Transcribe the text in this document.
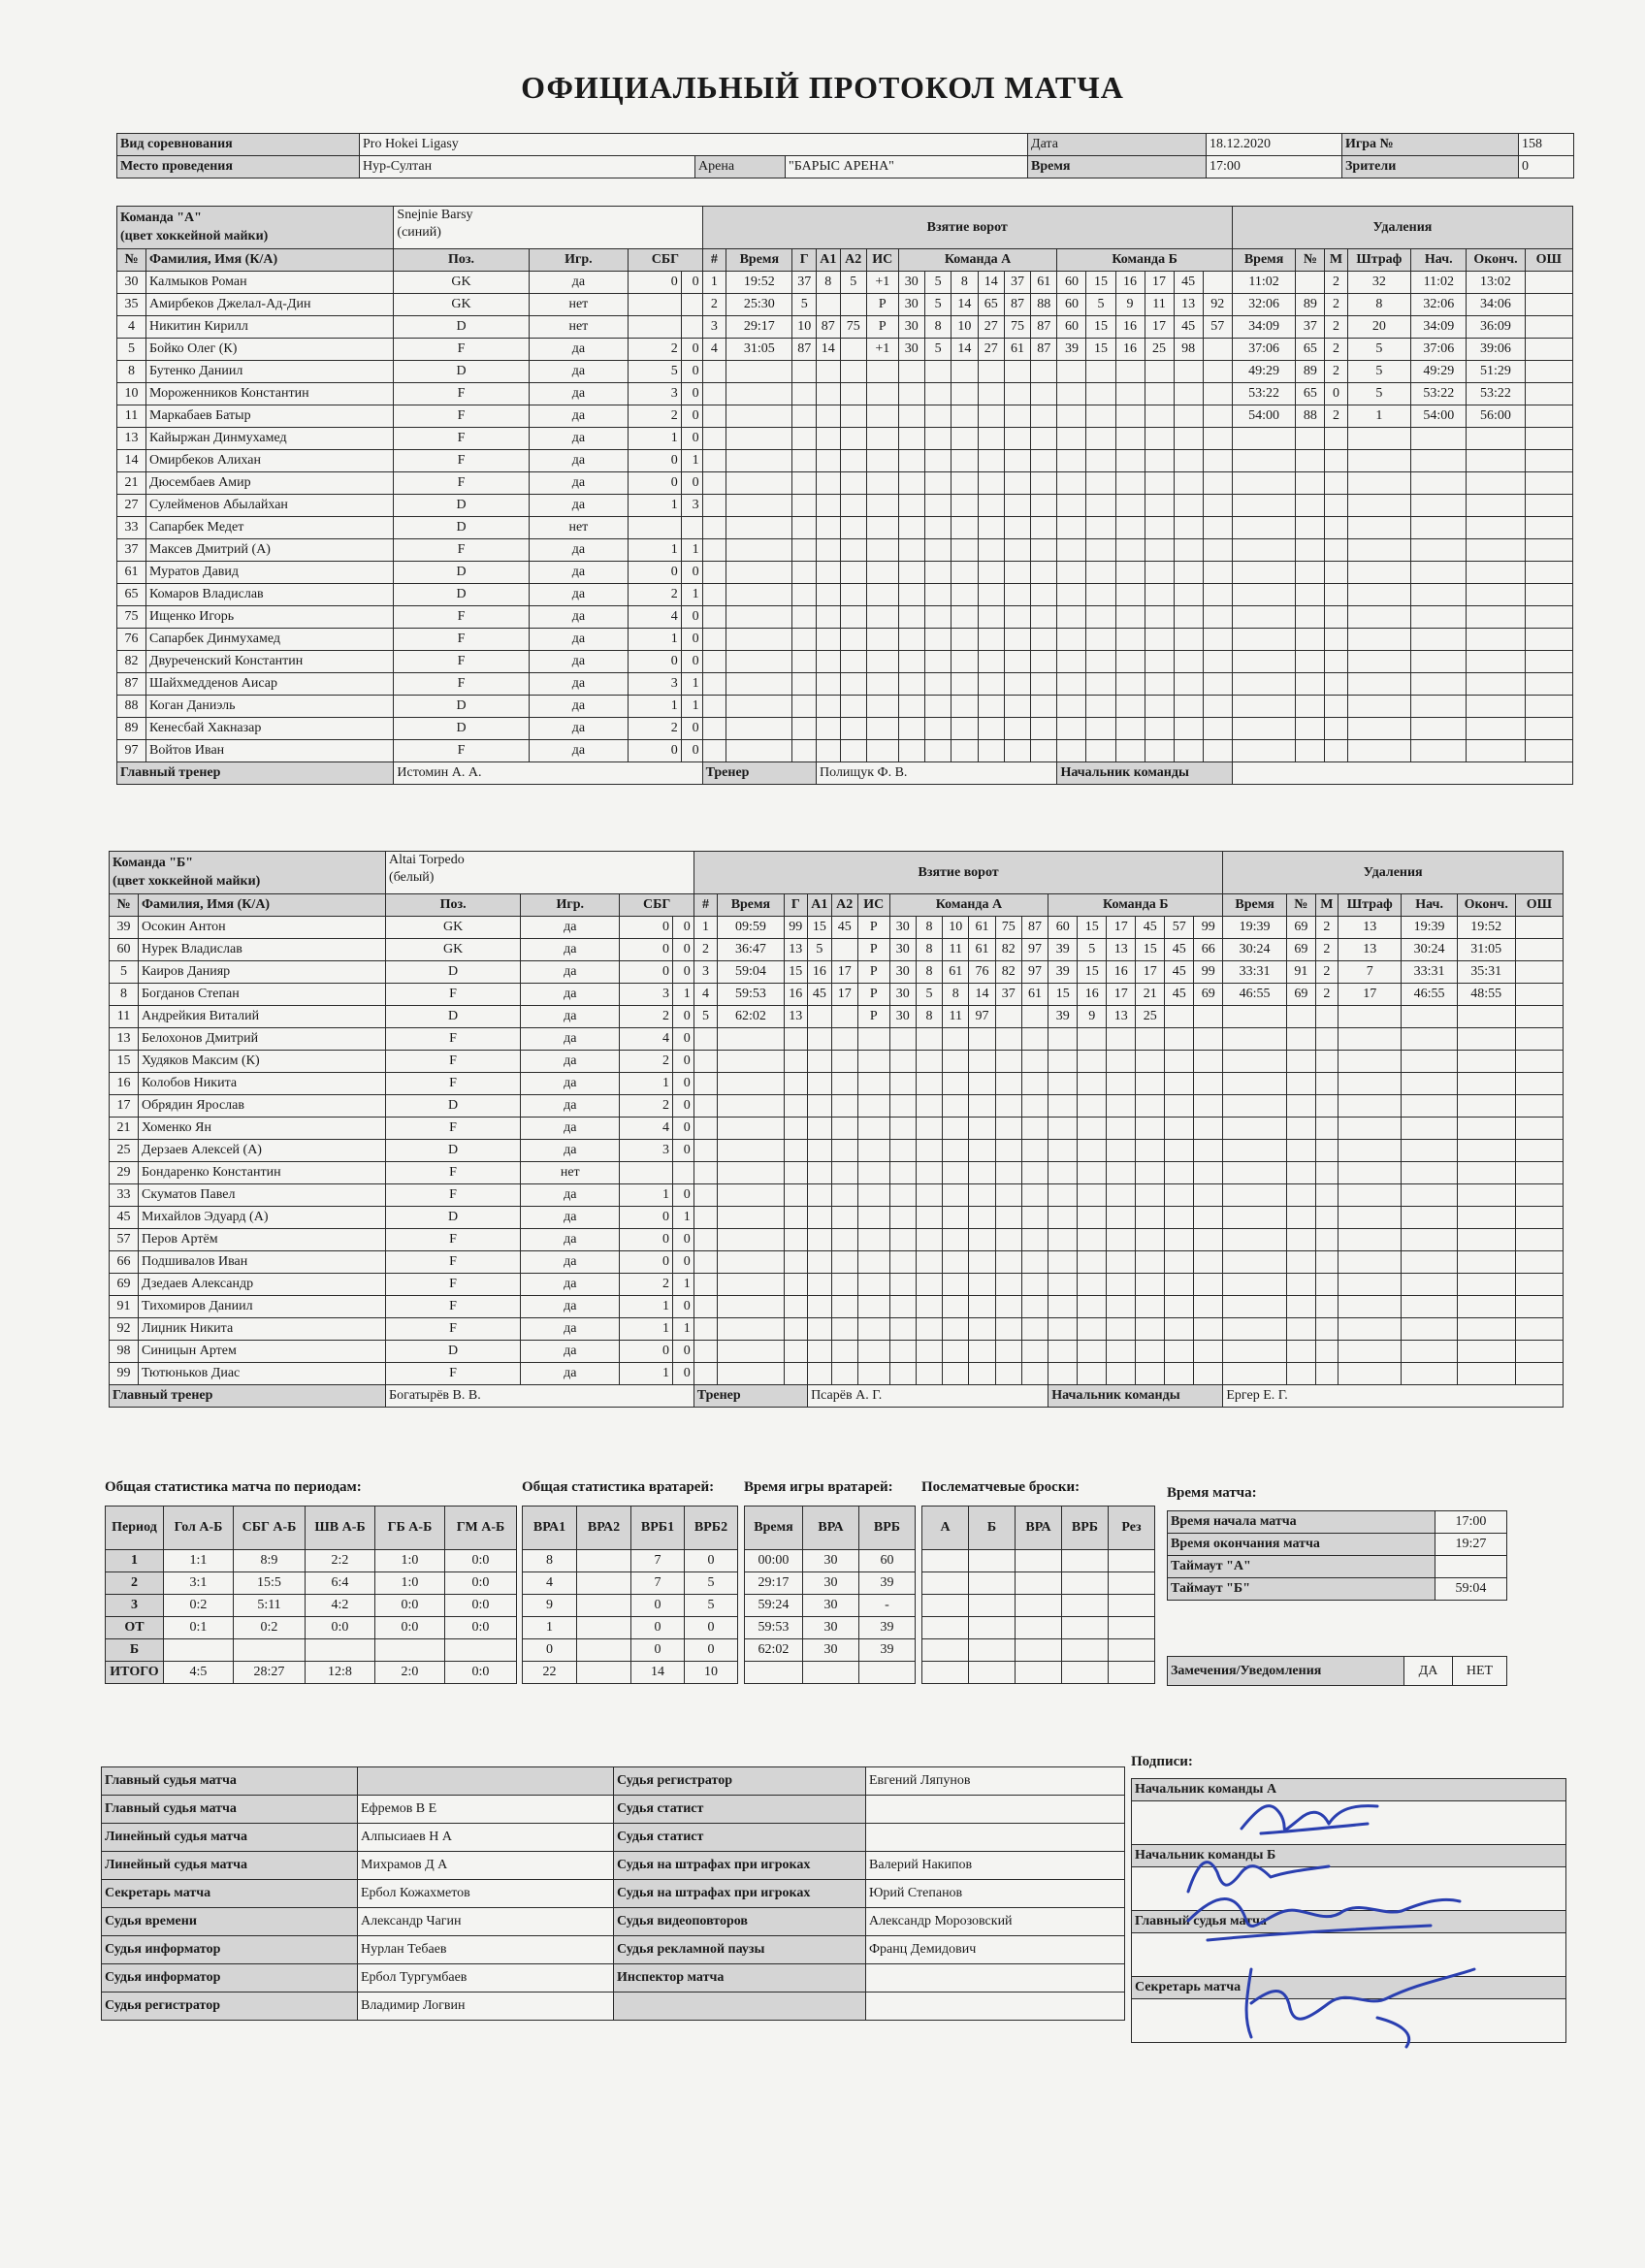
ОФИЦИАЛЬНЫЙ ПРОТОКОЛ МАТЧА
Вид соревнования	Pro Hokei Ligasy			Дата	18.12.2020	Игра №	158
Место проведения	Нур-Султан	Арена	"БАРЫС АРЕНА"	Время	17:00	Зрители	0
Команда "А"
(цвет хоккейной майки)		Snejnie Barsy
(синий)				Взятие ворот																		Удаления						
№	Фамилия, Имя (К/А)	Поз.	Игр.	СБГ		#	Время	Г	А1	А2	ИС	Команда А						Команда Б						Время	№	М	Штраф	Нач.	Оконч.	ОШ
30	Калмыков Роман	GK	да	0	0	1	19:52	37	8	5	+1	30	5	8	14	37	61	60	15	16	17	45		11:02		2	32	11:02	13:02	
35	Амирбеков Джелал-Ад-Дин	GK	нет			2	25:30	5			Р	30	5	14	65	87	88	60	5	9	11	13	92	32:06	89	2	8	32:06	34:06	
4	Никитин Кирилл	D	нет			3	29:17	10	87	75	Р	30	8	10	27	75	87	60	15	16	17	45	57	34:09	37	2	20	34:09	36:09	
5	Бойко Олег (К)	F	да	2	0	4	31:05	87	14		+1	30	5	14	27	61	87	39	15	16	25	98		37:06	65	2	5	37:06	39:06	
8	Бутенко Даниил	D	да	5	0																			49:29	89	2	5	49:29	51:29	
10	Мороженников Константин	F	да	3	0																			53:22	65	0	5	53:22	53:22	
11	Маркабаев Батыр	F	да	2	0																			54:00	88	2	1	54:00	56:00	
13	Кайыржан Динмухамед	F	да	1	0																									
14	Омирбеков Алихан	F	да	0	1																									
21	Дюсембаев Амир	F	да	0	0																									
27	Сулейменов Абылайхан	D	да	1	3																									
33	Сапарбек Медет	D	нет																											
37	Максев Дмитрий (А)	F	да	1	1																									
61	Муратов Давид	D	да	0	0																									
65	Комаров Владислав	D	да	2	1																									
75	Ищенко Игорь	F	да	4	0																									
76	Сапарбек Динмухамед	F	да	1	0																									
82	Двуреченский Константин	F	да	0	0																									
87	Шайхмедденов Аисар	F	да	3	1																									
88	Коган Даниэль	D	да	1	1																									
89	Кенесбай Хакназар	D	да	2	0																									
97	Войтов Иван	F	да	0	0																									
Главный тренер		Истомин А. А.				Тренер			Полищук Ф. В.									Начальник команды												
Команда "Б"
(цвет хоккейной майки)		Altai Torpedo
(белый)				Взятие ворот																		Удаления						
№	Фамилия, Имя (К/А)	Поз.	Игр.	СБГ		#	Время	Г	А1	А2	ИС	Команда А						Команда Б						Время	№	М	Штраф	Нач.	Оконч.	ОШ
39	Осокин Антон	GK	да	0	0	1	09:59	99	15	45	Р	30	8	10	61	75	87	60	15	17	45	57	99	19:39	69	2	13	19:39	19:52	
60	Нурек Владислав	GK	да	0	0	2	36:47	13	5		Р	30	8	11	61	82	97	39	5	13	15	45	66	30:24	69	2	13	30:24	31:05	
5	Каиров Данияр	D	да	0	0	3	59:04	15	16	17	Р	30	8	61	76	82	97	39	15	16	17	45	99	33:31	91	2	7	33:31	35:31	
8	Богданов Степан	F	да	3	1	4	59:53	16	45	17	Р	30	5	8	14	37	61	15	16	17	21	45	69	46:55	69	2	17	46:55	48:55	
11	Андрейкия Виталий	D	да	2	0	5	62:02	13			Р	30	8	11	97			39	9	13	25									
13	Белохонов Дмитрий	F	да	4	0																									
15	Худяков Максим (К)	F	да	2	0																									
16	Колобов Никита	F	да	1	0																									
17	Обрядин Ярослав	D	да	2	0																									
21	Хоменко Ян	F	да	4	0																									
25	Дерзаев Алексей (А)	D	да	3	0																									
29	Бондаренко Константин	F	нет																											
33	Скуматов Павел	F	да	1	0																									
45	Михайлов Эдуард (А)	D	да	0	1																									
57	Перов Артём	F	да	0	0																									
66	Подшивалов Иван	F	да	0	0																									
69	Дзедаев Александр	F	да	2	1																									
91	Тихомиров Даниил	F	да	1	0																									
92	Лиџник Никита	F	да	1	1																									
98	Синицын Артем	D	да	0	0																									
99	Тютюньков Диас	F	да	1	0																									
Главный тренер		Богатырёв В. В.				Тренер			Псарёв А. Г.									Начальник команды						Ергер Е. Г.						
Общая статистика матча по периодам:	Общая статистика вратарей: Время игры вратарей: Послематчевые броски:	Время матча:
Период	Гол А-Б	СБГ А-Б	ШВ А-Б	ГБ А-Б	ГМ А-Б
1	1:1	8:9	2:2	1:0	0:0
2	3:1	15:5	6:4	1:0	0:0
3	0:2	5:11	4:2	0:0	0:0
ОТ	0:1	0:2	0:0	0:0	0:0
Б					
ИТОГО	4:5	28:27	12:8	2:0	0:0
ВРА1	ВРА2	ВРБ1	ВРБ2
8		7	0
4		7	5
9		0	5
1		0	0
0		0	0
22		14	10
Время	ВРА	ВРБ
00:00	30	60
29:17	30	39
59:24	30	-
59:53	30	39
62:02	30	39

А	Б	ВРА	ВРБ	Рез

				Время начала матча	17:00
Время окончания матча	19:27
Таймаут "А"	
Таймаут "Б"	59:04
Замечения/Уведомления	ДА	НЕТ
Главный судья матча		Судья регистратор	Евгений Ляпунов
Главный судья матча	Ефремов В Е	Судья статист	
Линейный судья матча	Алпысиаев Н А	Судья статист	
Линейный судья матча	Михрамов Д А	Судья на штрафах при игроках	Валерий Накипов
Секретарь матча	Ербол Кожахметов	Судья на штрафах при игроках	Юрий Степанов
Судья времени	Александр Чагин	Судья видеоповторов	Александр Морозовский
Судья информатор	Нурлан Тебаев	Судья рекламной паузы	Франц Демидович
Судья информатор	Ербол Тургумбаев	Инспектор матча	
Судья регистратор	Владимир Логвин		
Подписи:
Начальник команды А

Начальник команды Б

Главный судья матча

Секретарь матча
